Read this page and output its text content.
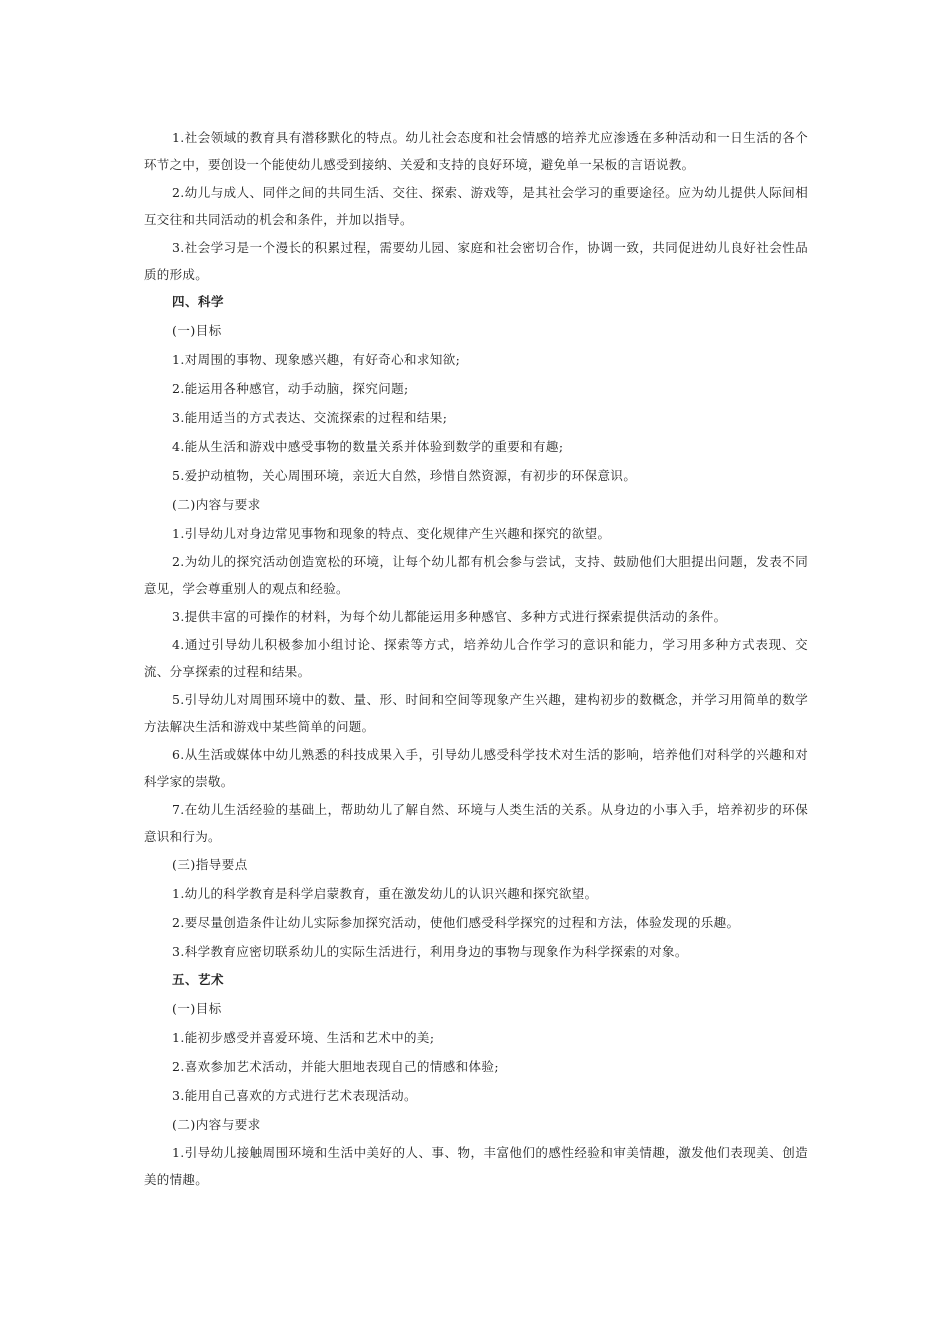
1.社会领域的教育具有潜移默化的特点。幼儿社会态度和社会情感的培养尤应渗透在多种活动和一日生活的各个环节之中，要创设一个能使幼儿感受到接纳、关爱和支持的良好环境，避免单一呆板的言语说教。

2.幼儿与成人、同伴之间的共同生活、交往、探索、游戏等，是其社会学习的重要途径。应为幼儿提供人际间相互交往和共同活动的机会和条件，并加以指导。

3.社会学习是一个漫长的积累过程，需要幼儿园、家庭和社会密切合作，协调一致，共同促进幼儿良好社会性品质的形成。

四、科学

(一)目标

1.对周围的事物、现象感兴趣，有好奇心和求知欲;

2.能运用各种感官，动手动脑，探究问题;

3.能用适当的方式表达、交流探索的过程和结果;

4.能从生活和游戏中感受事物的数量关系并体验到数学的重要和有趣;

5.爱护动植物，关心周围环境，亲近大自然，珍惜自然资源，有初步的环保意识。

(二)内容与要求

1.引导幼儿对身边常见事物和现象的特点、变化规律产生兴趣和探究的欲望。

2.为幼儿的探究活动创造宽松的环境，让每个幼儿都有机会参与尝试，支持、鼓励他们大胆提出问题，发表不同意见，学会尊重别人的观点和经验。

3.提供丰富的可操作的材料，为每个幼儿都能运用多种感官、多种方式进行探索提供活动的条件。

4.通过引导幼儿积极参加小组讨论、探索等方式，培养幼儿合作学习的意识和能力，学习用多种方式表现、交流、分享探索的过程和结果。

5.引导幼儿对周围环境中的数、量、形、时间和空间等现象产生兴趣，建构初步的数概念，并学习用简单的数学方法解决生活和游戏中某些简单的问题。

6.从生活或媒体中幼儿熟悉的科技成果入手，引导幼儿感受科学技术对生活的影响，培养他们对科学的兴趣和对科学家的崇敬。

7.在幼儿生活经验的基础上，帮助幼儿了解自然、环境与人类生活的关系。从身边的小事入手，培养初步的环保意识和行为。

(三)指导要点

1.幼儿的科学教育是科学启蒙教育，重在激发幼儿的认识兴趣和探究欲望。

2.要尽量创造条件让幼儿实际参加探究活动，使他们感受科学探究的过程和方法，体验发现的乐趣。

3.科学教育应密切联系幼儿的实际生活进行，利用身边的事物与现象作为科学探索的对象。

五、艺术

(一)目标

1.能初步感受并喜爱环境、生活和艺术中的美;

2.喜欢参加艺术活动，并能大胆地表现自己的情感和体验;

3.能用自己喜欢的方式进行艺术表现活动。

(二)内容与要求

1.引导幼儿接触周围环境和生活中美好的人、事、物，丰富他们的感性经验和审美情趣，激发他们表现美、创造美的情趣。
